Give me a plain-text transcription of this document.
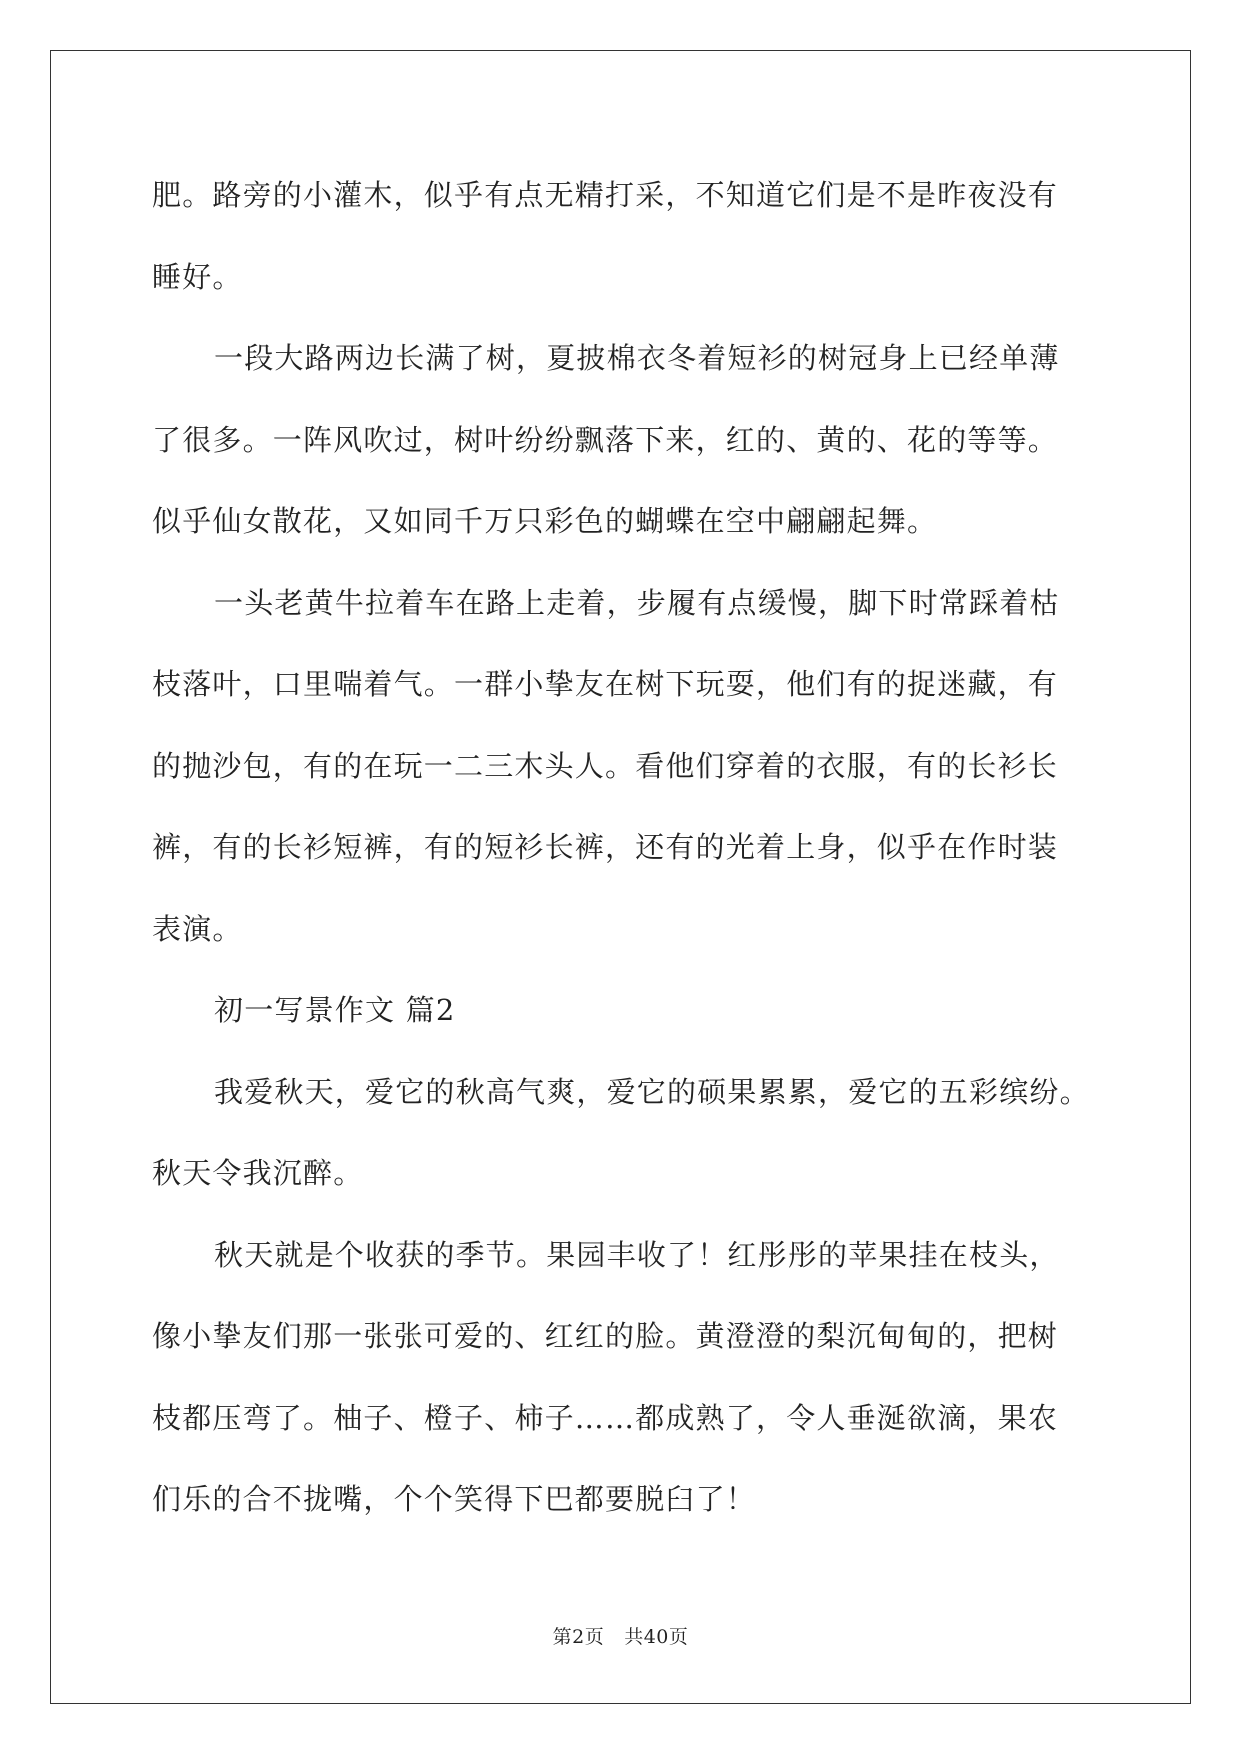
肥。路旁的小灌木，似乎有点无精打采，不知道它们是不是昨夜没有
睡好。
一段大路两边长满了树，夏披棉衣冬着短衫的树冠身上已经单薄
了很多。一阵风吹过，树叶纷纷飘落下来，红的、黄的、花的等等。
似乎仙女散花，又如同千万只彩色的蝴蝶在空中翩翩起舞。
一头老黄牛拉着车在路上走着，步履有点缓慢，脚下时常踩着枯
枝落叶，口里喘着气。一群小挚友在树下玩耍，他们有的捉迷藏，有
的抛沙包，有的在玩一二三木头人。看他们穿着的衣服，有的长衫长
裤，有的长衫短裤，有的短衫长裤，还有的光着上身，似乎在作时装
表演。
初一写景作文 篇2
我爱秋天，爱它的秋高气爽，爱它的硕果累累，爱它的五彩缤纷。
秋天令我沉醉。
秋天就是个收获的季节。果园丰收了！红彤彤的苹果挂在枝头，
像小挚友们那一张张可爱的、红红的脸。黄澄澄的梨沉甸甸的，把树
枝都压弯了。柚子、橙子、柿子……都成熟了，令人垂涎欲滴，果农
们乐的合不拢嘴，个个笑得下巴都要脱臼了！
第2页 共40页
